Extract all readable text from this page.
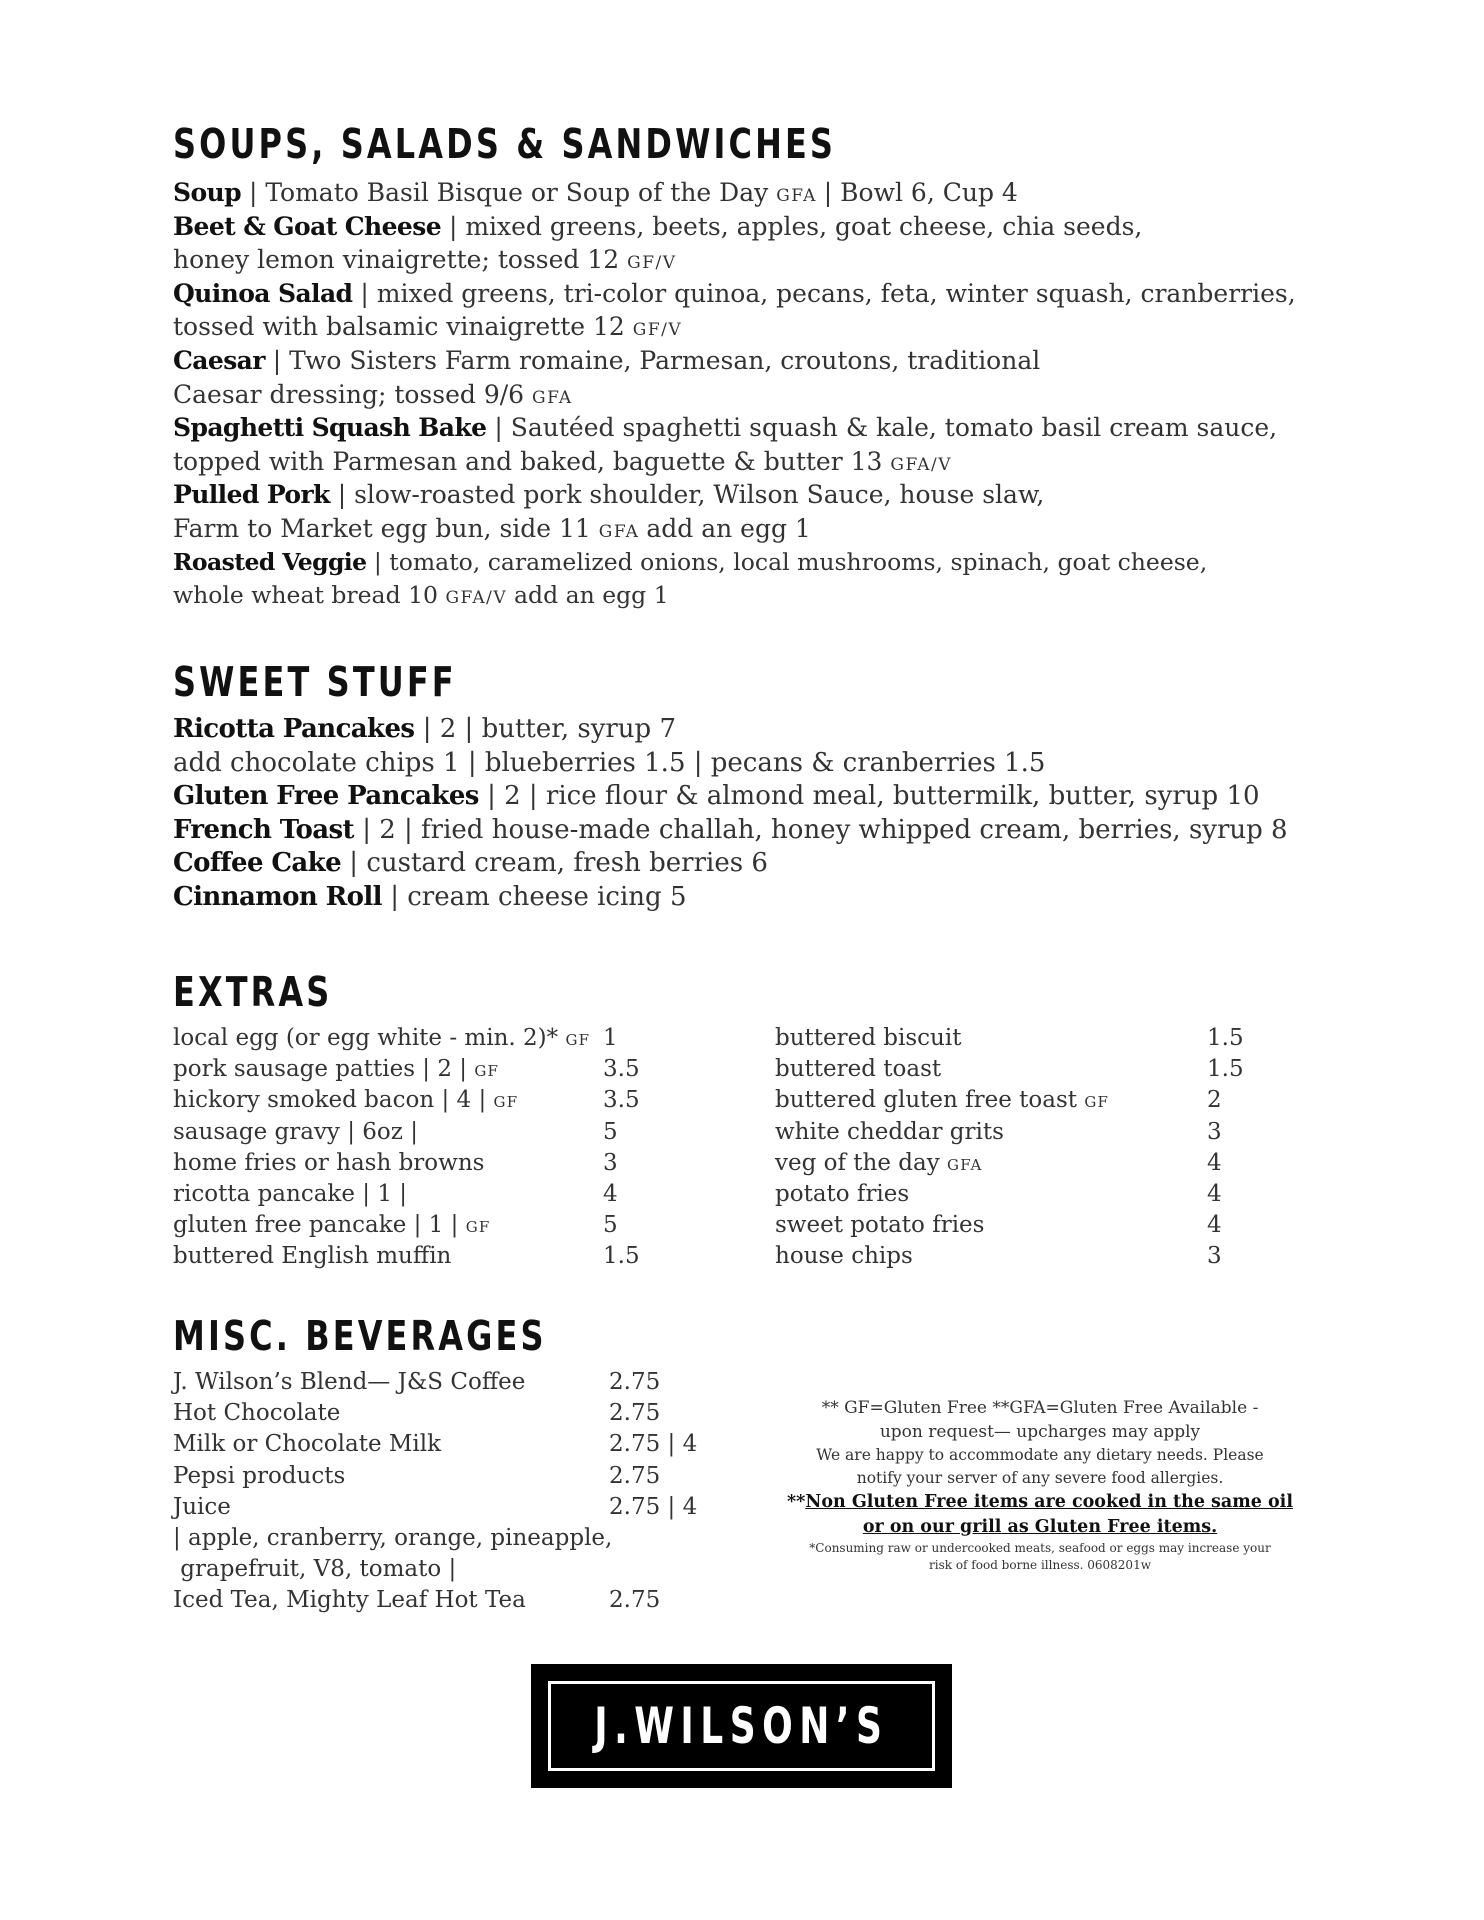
SOUPS, SALADS & SANDWICHES
Soup | Tomato Basil Bisque or Soup of the Day GFA | Bowl 6, Cup 4
Beet & Goat Cheese | mixed greens, beets, apples, goat cheese, chia seeds,
honey lemon vinaigrette; tossed 12 GF/V
Quinoa Salad | mixed greens, tri-color quinoa, pecans, feta, winter squash, cranberries,
tossed with balsamic vinaigrette 12 GF/V
Caesar | Two Sisters Farm romaine, Parmesan, croutons, traditional
Caesar dressing; tossed 9/6 GFA
Spaghetti Squash Bake | Sautéed spaghetti squash & kale, tomato basil cream sauce,
topped with Parmesan and baked, baguette & butter 13 GFA/V
Pulled Pork | slow-roasted pork shoulder, Wilson Sauce, house slaw,
Farm to Market egg bun, side 11 GFA add an egg 1
Roasted Veggie | tomato, caramelized onions, local mushrooms, spinach, goat cheese,
whole wheat bread 10 GFA/V add an egg 1
SWEET STUFF
Ricotta Pancakes | 2 | butter, syrup 7
add chocolate chips 1 | blueberries 1.5 | pecans & cranberries 1.5
Gluten Free Pancakes | 2 | rice flour & almond meal, buttermilk, butter, syrup 10
French Toast | 2 | fried house-made challah, honey whipped cream, berries, syrup 8
Coffee Cake | custard cream, fresh berries 6
Cinnamon Roll | cream cheese icing 5
EXTRAS
local egg (or egg white - min. 2)* GF 1
pork sausage patties | 2 | GF	3.5
hickory smoked bacon | 4 | GF	3.5
sausage gravy | 6oz |	5
home fries or hash browns	3
ricotta pancake | 1 |	4
gluten free pancake | 1 | GF	5
buttered English muffin	1.5
buttered biscuit	1.5
buttered toast	1.5
buttered gluten free toast GF	2
white cheddar grits	3
veg of the day GFA	4
potato fries	4
sweet potato fries	4
house chips	3
MISC. BEVERAGES
J. Wilson’s Blend— J&S Coffee	2.75
Hot Chocolate	2.75
Milk or Chocolate Milk	2.75 | 4
Pepsi products	2.75
Juice	2.75 | 4
| apple, cranberry, orange, pineapple,
grapefruit, V8, tomato |
Iced Tea, Mighty Leaf Hot Tea	2.75
** GF=Gluten Free **GFA=Gluten Free Available -
upon request— upcharges may apply
We are happy to accommodate any dietary needs. Please
notify your server of any severe food allergies.
**Non Gluten Free items are cooked in the same oil
or on our grill as Gluten Free items.
*Consuming raw or undercooked meats, seafood or eggs may increase your
risk of food borne illness. 0608201w
J.WILSON’S
